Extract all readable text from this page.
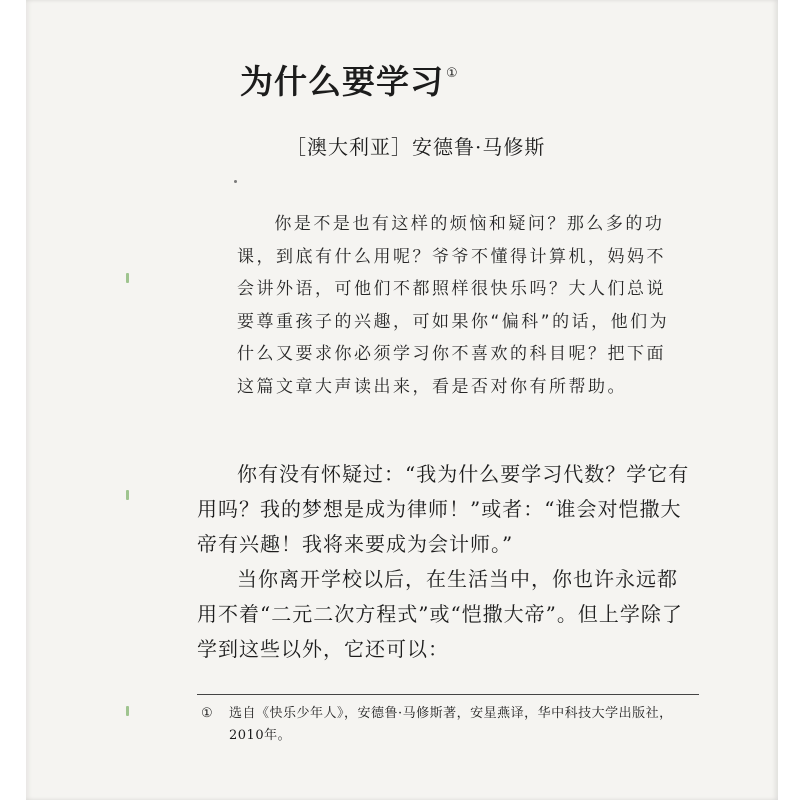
为什么要学习 ①

［澳大利亚］安德鲁·马修斯

你是不是也有这样的烦恼和疑问？那么多的功课，到底有什么用呢？爷爷不懂得计算机，妈妈不会讲外语，可他们不都照样很快乐吗？大人们总说要尊重孩子的兴趣，可如果你“偏科”的话，他们为什么又要求你必须学习你不喜欢的科目呢？把下面这篇文章大声读出来，看是否对你有所帮助。

你有没有怀疑过：“我为什么要学习代数？学它有用吗？我的梦想是成为律师！”或者：“谁会对恺撒大帝有兴趣！我将来要成为会计师。”

当你离开学校以后，在生活当中，你也许永远都用不着“二元二次方程式”或“恺撒大帝”。但上学除了学到这些以外，它还可以：

① 选自《快乐少年人》，安德鲁·马修斯著，安星燕译，华中科技大学出版社，2010年。
